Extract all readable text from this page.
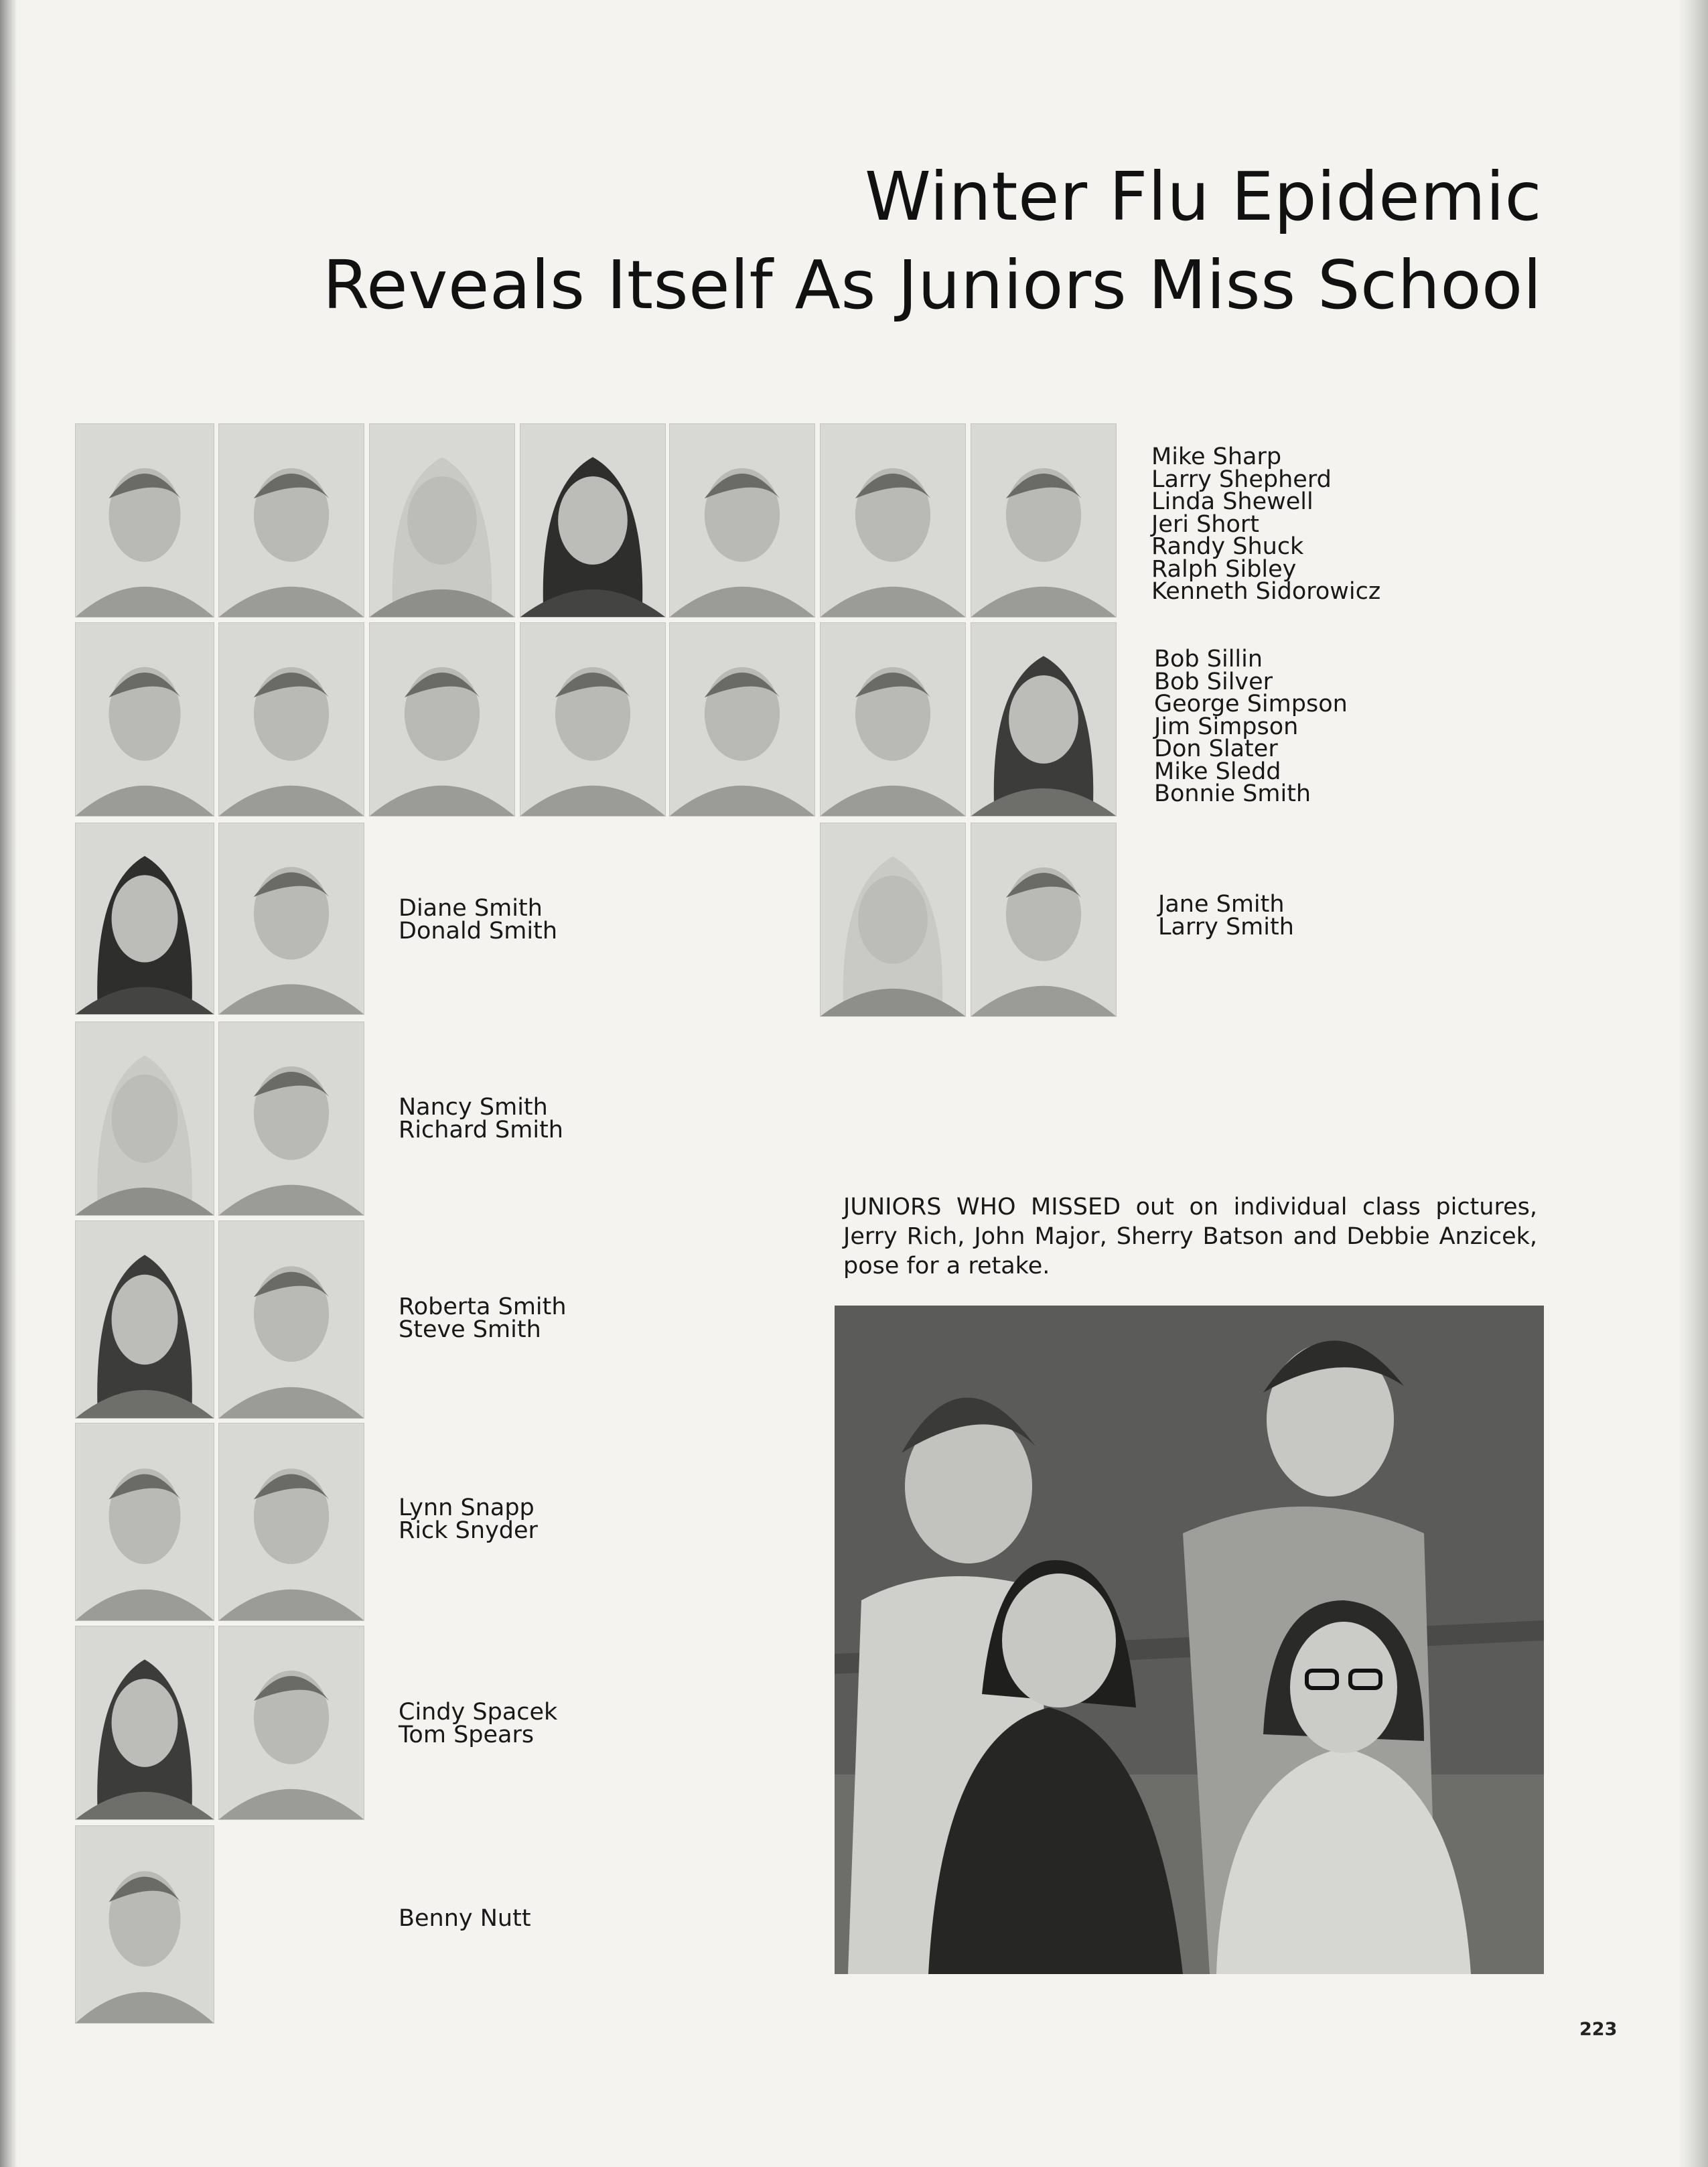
Winter Flu Epidemic
Reveals Itself As Juniors Miss School
Mike Sharp
Larry Shepherd
Linda Shewell
Jeri Short
Randy Shuck
Ralph Sibley
Kenneth Sidorowicz
Bob Sillin
Bob Silver
George Simpson
Jim Simpson
Don Slater
Mike Sledd
Bonnie Smith
Diane Smith
Donald Smith
Jane Smith
Larry Smith
Nancy Smith
Richard Smith
Roberta Smith
Steve Smith
Lynn Snapp
Rick Snyder
Cindy Spacek
Tom Spears
Benny Nutt
JUNIORS WHO MISSED out on individual class pictures, Jerry Rich, John Major, Sherry Batson and Debbie Anzicek, pose for a retake.
223
